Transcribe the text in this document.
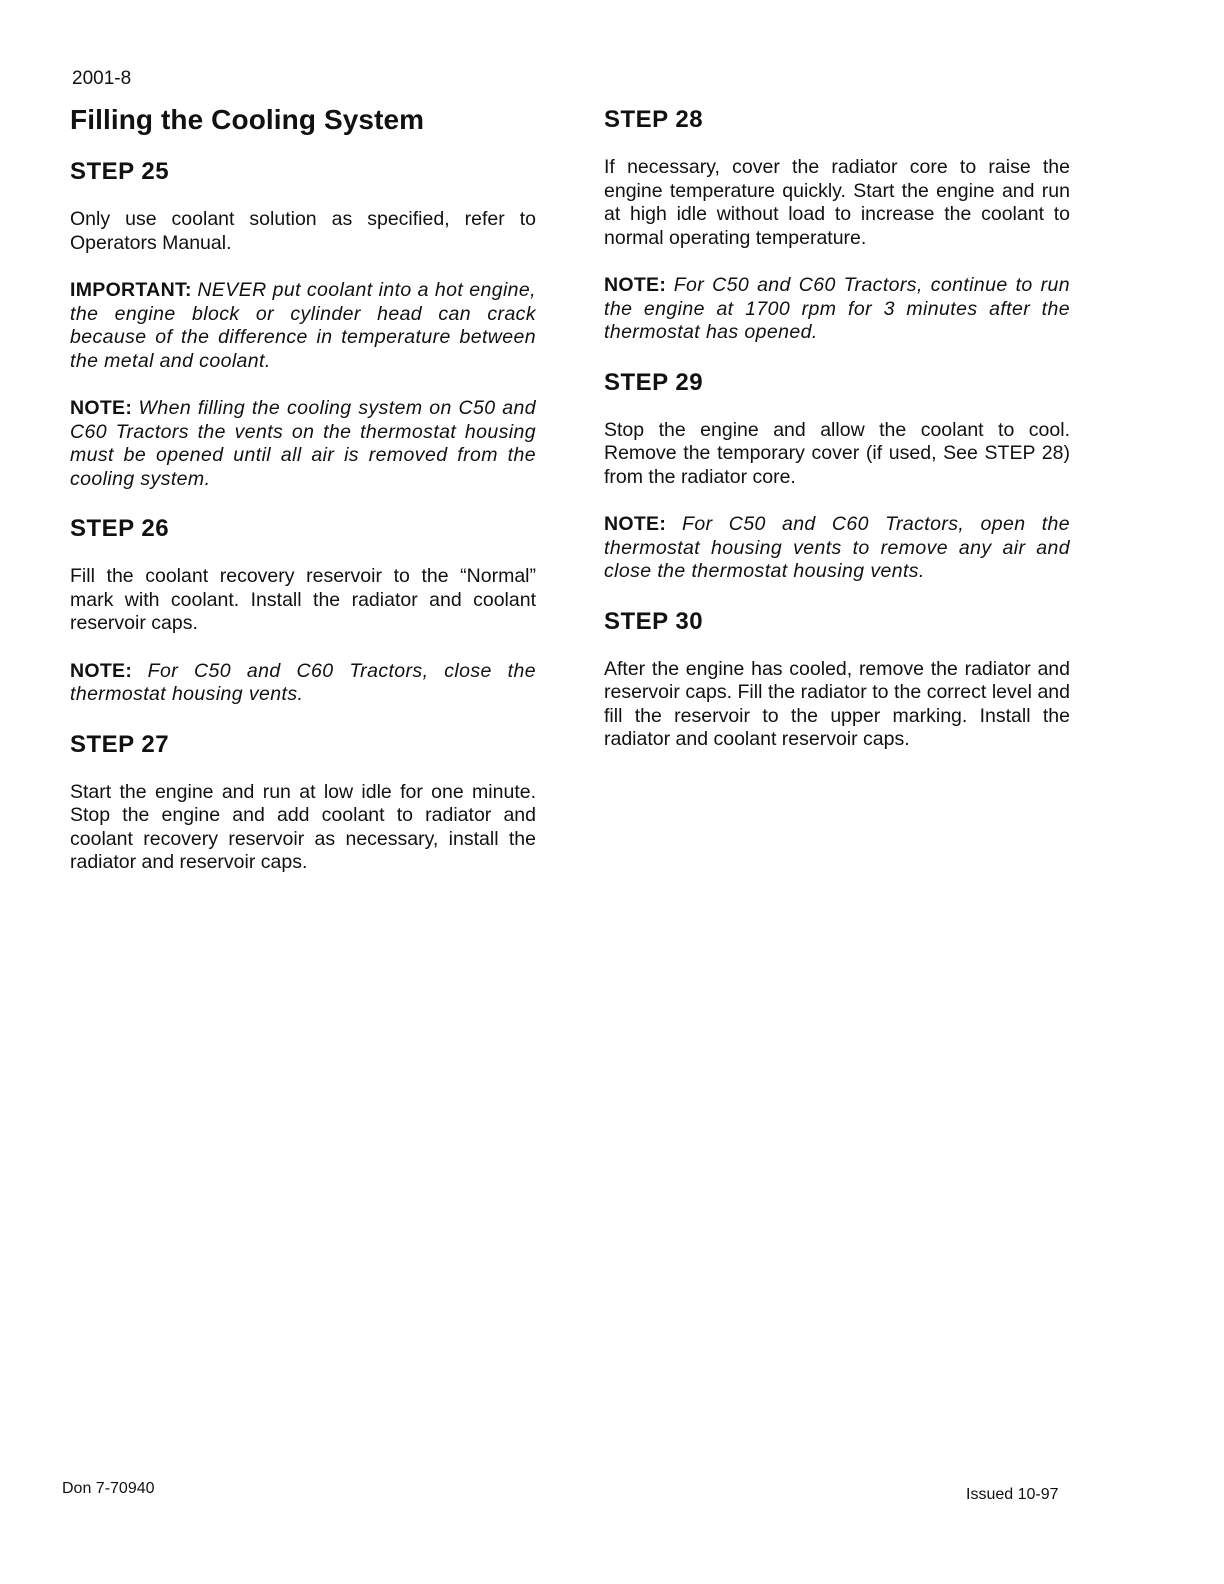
2001-8
Filling the Cooling System
STEP 25

Only use coolant solution as specified, refer to Operators Manual.

IMPORTANT: NEVER put coolant into a hot engine, the engine block or cylinder head can crack because of the difference in temperature between the metal and coolant.

NOTE: When filling the cooling system on C50 and C60 Tractors the vents on the thermostat housing must be opened until all air is removed from the cooling system.

STEP 26

Fill the coolant recovery reservoir to the “Normal” mark with coolant. Install the radiator and coolant reservoir caps.

NOTE: For C50 and C60 Tractors, close the thermostat housing vents.

STEP 27

Start the engine and run at low idle for one minute. Stop the engine and add coolant to radiator and coolant recovery reservoir as necessary, install the radiator and reservoir caps.

STEP 28

If necessary, cover the radiator core to raise the engine temperature quickly. Start the engine and run at high idle without load to increase the coolant to normal operating temperature.

NOTE: For C50 and C60 Tractors, continue to run the engine at 1700 rpm for 3 minutes after the thermostat has opened.

STEP 29

Stop the engine and allow the coolant to cool. Remove the temporary cover (if used, See STEP 28) from the radiator core.

NOTE: For C50 and C60 Tractors, open the thermostat housing vents to remove any air and close the thermostat housing vents.

STEP 30

After the engine has cooled, remove the radiator and reservoir caps. Fill the radiator to the correct level and fill the reservoir to the upper marking. Install the radiator and coolant reservoir caps.

Don 7-70940	Issued 10-97
